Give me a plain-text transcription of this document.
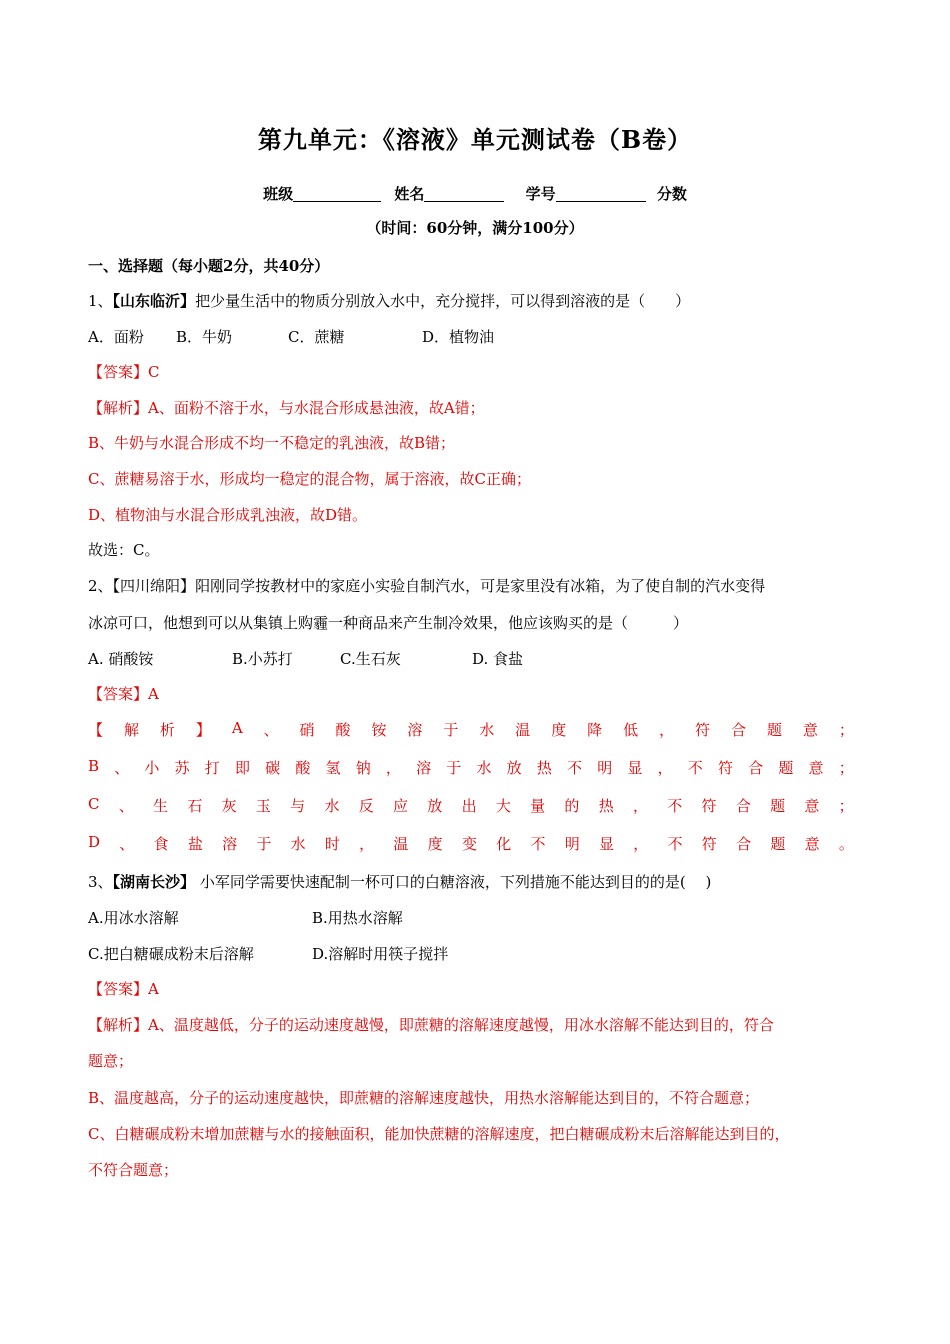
第九单元：《溶液》单元测试卷（B卷）
班级	姓名	学号	分数
（时间：60分钟，满分100分）
一、选择题（每小题2分，共40分）
1、【山东临沂】把少量生活中的物质分别放入水中，充分搅拌，可以得到溶液的是（　　）
A．面粉 B．牛奶	C．蔗糖	D．植物油
【答案】C
【解析】A、面粉不溶于水，与水混合形成悬浊液，故A错；
B、牛奶与水混合形成不均一不稳定的乳浊液，故B错；
C、蔗糖易溶于水，形成均一稳定的混合物，属于溶液，故C正确；
D、植物油与水混合形成乳浊液，故D错。
故选：C。
2、【四川绵阳】阳刚同学按教材中的家庭小实验自制汽水，可是家里没有冰箱，为了使自制的汽水变得
冰凉可口，他想到可以从集镇上购霾一种商品来产生制冷效果，他应该购买的是（　　　）
A. 硝酸铵	B.小苏打	C.生石灰	D. 食盐
【答案】A
【 解 析 】 A 、 硝 酸 铵 溶 于 水 温 度 降 低 ， 符 合 题 意 ；
B 、 小 苏 打 即 碳 酸 氢 钠 ， 溶 于 水 放 热 不 明 显 ， 不 符 合 题 意 ；
C 、 生 石 灰 玉 与 水 反 应 放 出 大 量 的 热 ， 不 符 合 题 意 ；
D 、 食 盐 溶 于 水 时 ， 温 度 变 化 不 明 显 ， 不 符 合 题 意 。
3、【湖南长沙】 小军同学需要快速配制一杯可口的白糖溶液，下列措施不能达到目的的是(　 )
A.用冰水溶解	B.用热水溶解
C.把白糖碾成粉末后溶解	D.溶解时用筷子搅拌
【答案】A
【解析】A、温度越低，分子的运动速度越慢，即蔗糖的溶解速度越慢，用冰水溶解不能达到目的，符合
题意；
B、温度越高，分子的运动速度越快，即蔗糖的溶解速度越快，用热水溶解能达到目的，不符合题意；
C、白糖碾成粉末增加蔗糖与水的接触面积，能加快蔗糖的溶解速度，把白糖碾成粉末后溶解能达到目的，
不符合题意；
